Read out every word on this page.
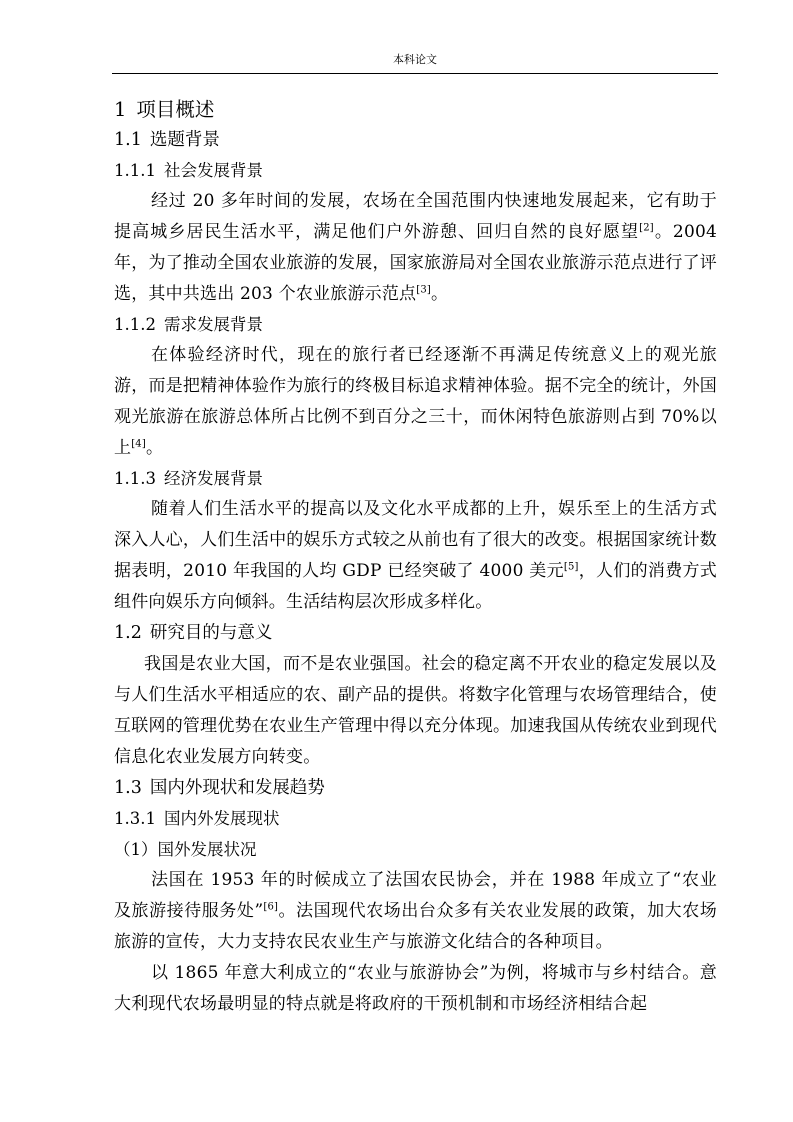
本科论文
1 项目概述
1.1 选题背景
1.1.1 社会发展背景

经过 20 多年时间的发展，农场在全国范围内快速地发展起来，它有助于提高城乡居民生活水平，满足他们户外游憩、回归自然的良好愿望[2]。2004 年，为了推动全国农业旅游的发展，国家旅游局对全国农业旅游示范点进行了评选，其中共选出 203 个农业旅游示范点[3]。

1.1.2 需求发展背景

在体验经济时代，现在的旅行者已经逐渐不再满足传统意义上的观光旅游，而是把精神体验作为旅行的终极目标追求精神体验。据不完全的统计，外国观光旅游在旅游总体所占比例不到百分之三十，而休闲特色旅游则占到 70%以上[4]。

1.1.3 经济发展背景

随着人们生活水平的提高以及文化水平成都的上升，娱乐至上的生活方式深入人心，人们生活中的娱乐方式较之从前也有了很大的改变。根据国家统计数据表明，2010 年我国的人均 GDP 已经突破了 4000 美元[5]，人们的消费方式组件向娱乐方向倾斜。生活结构层次形成多样化。

1.2 研究目的与意义

我国是农业大国，而不是农业强国。社会的稳定离不开农业的稳定发展以及与人们生活水平相适应的农、副产品的提供。将数字化管理与农场管理结合，使互联网的管理优势在农业生产管理中得以充分体现。加速我国从传统农业到现代信息化农业发展方向转变。

1.3 国内外现状和发展趋势
1.3.1 国内外发展现状
（1）国外发展状况

法国在 1953 年的时候成立了法国农民协会，并在 1988 年成立了“农业及旅游接待服务处”[6]。法国现代农场出台众多有关农业发展的政策，加大农场旅游的宣传，大力支持农民农业生产与旅游文化结合的各种项目。

以 1865 年意大利成立的“农业与旅游协会”为例，将城市与乡村结合。意大利现代农场最明显的特点就是将政府的干预机制和市场经济相结合起
